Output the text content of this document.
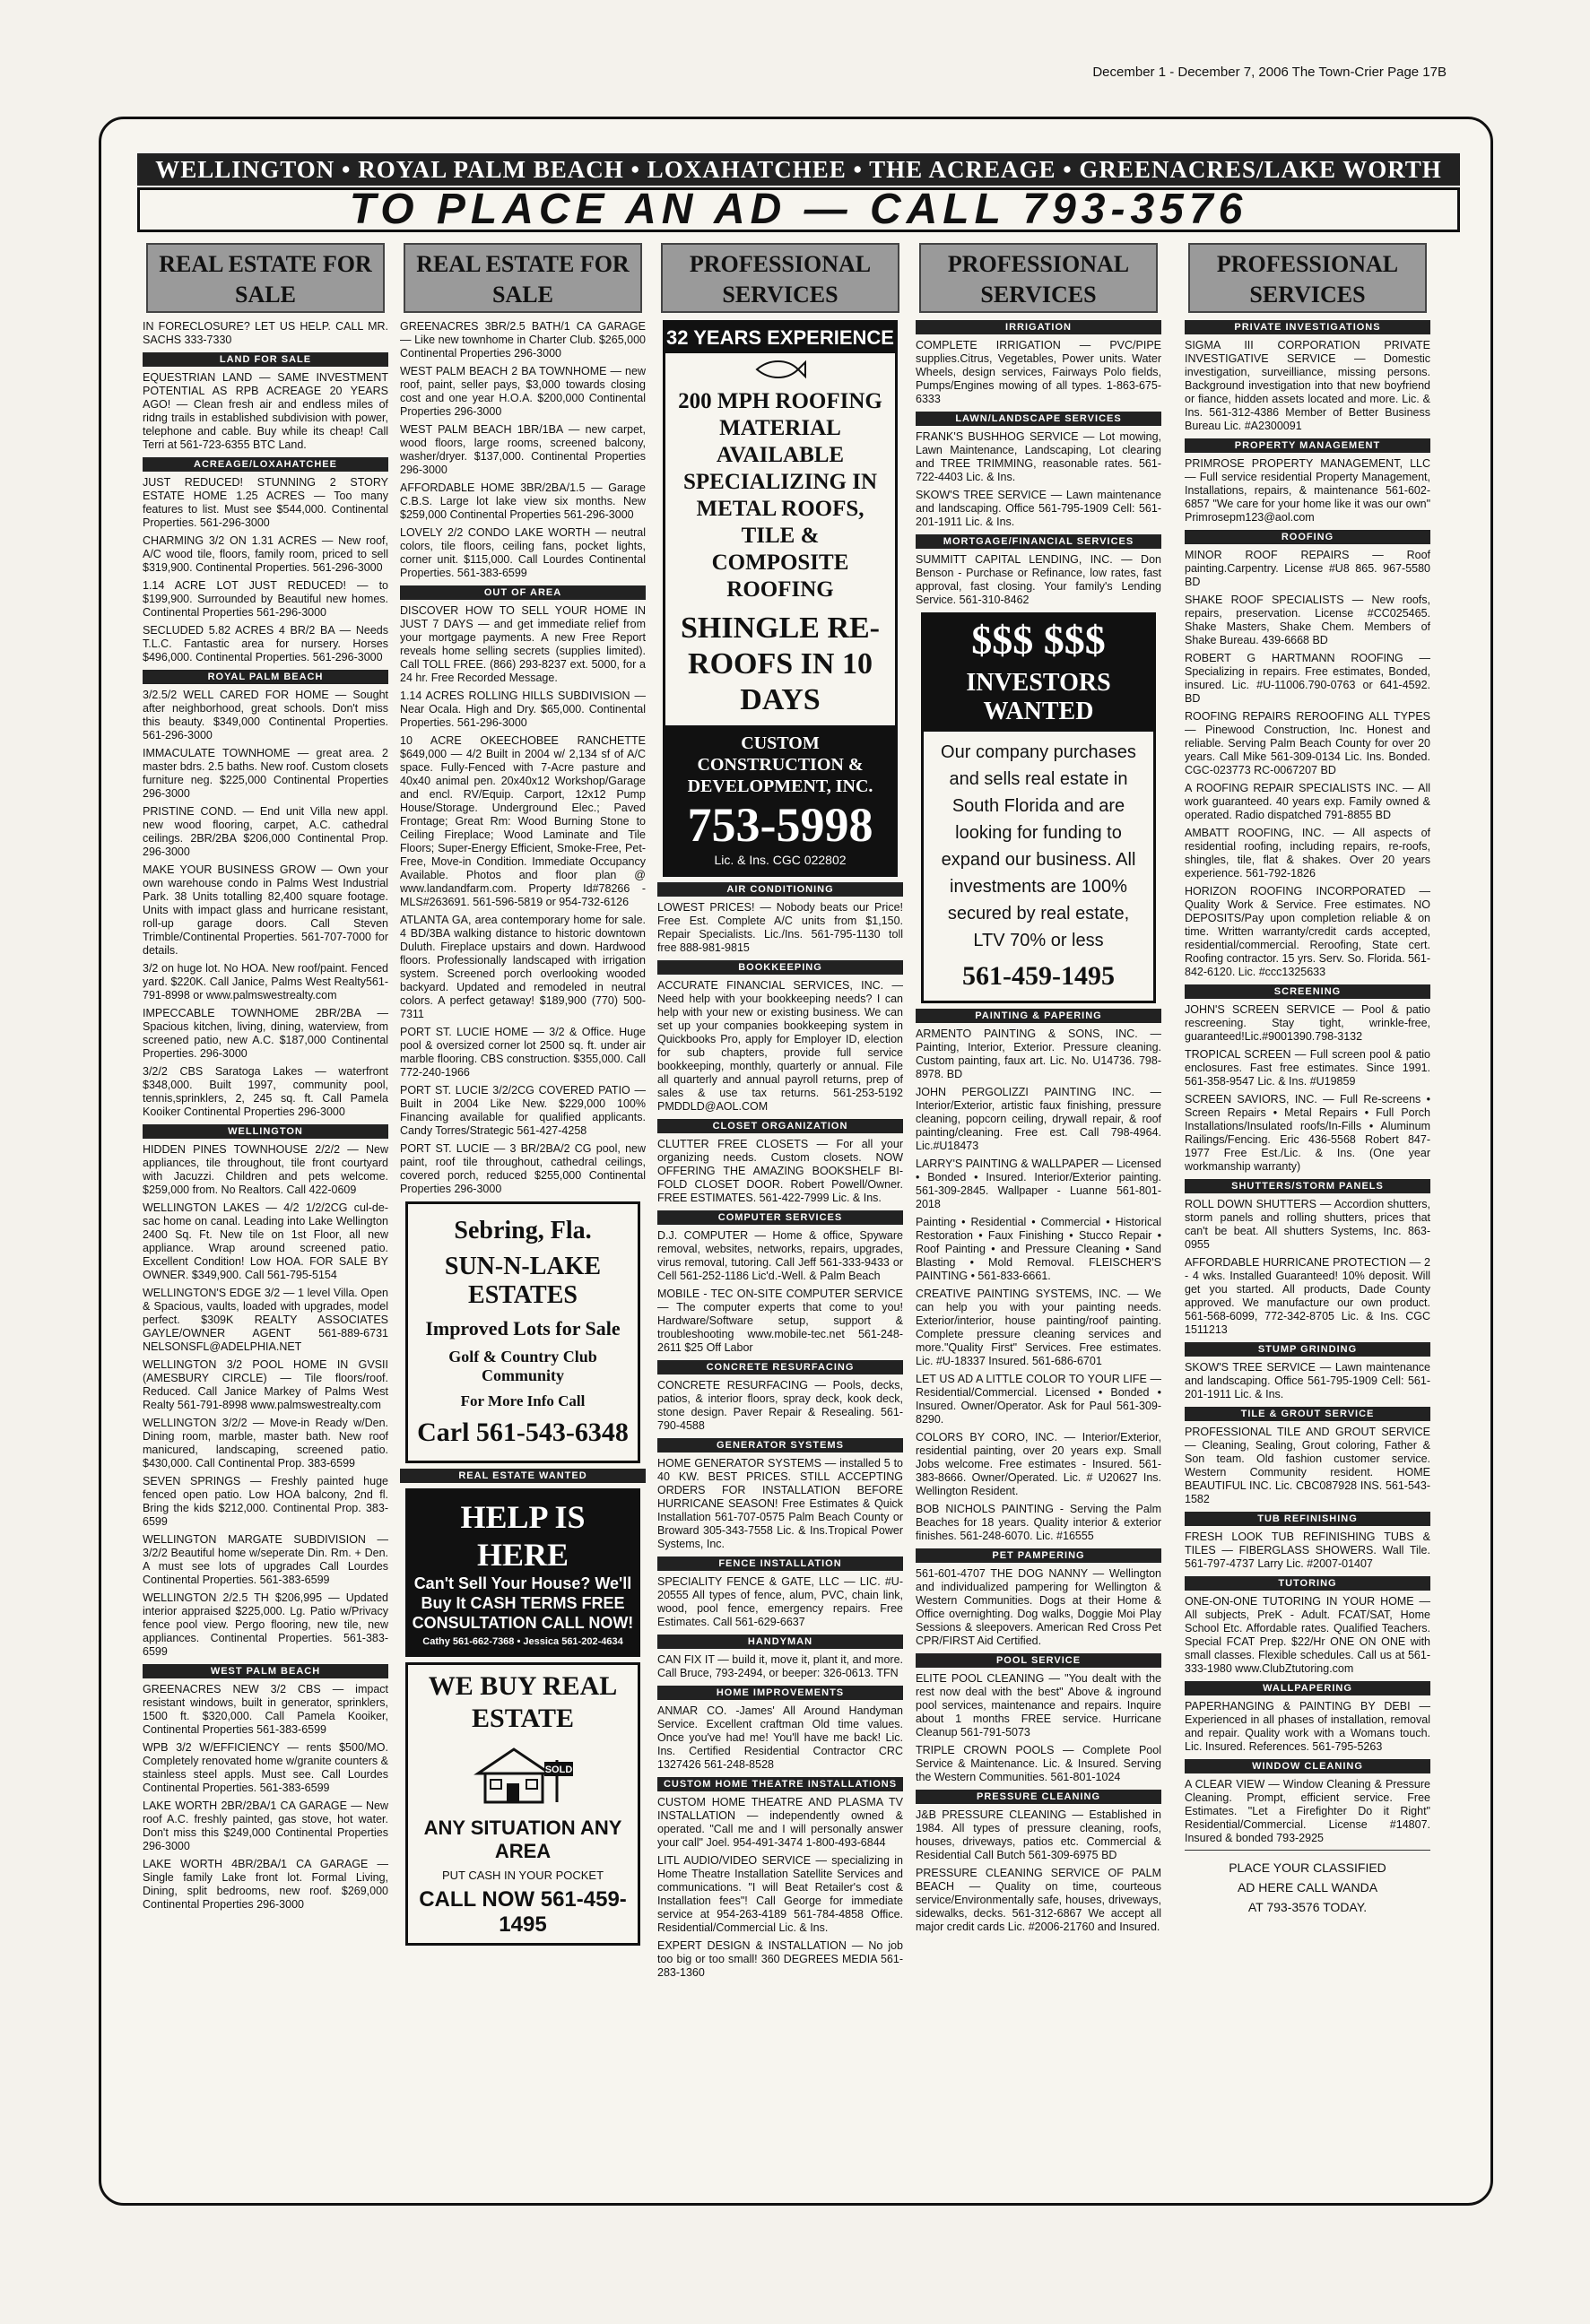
December 1 - December 7, 2006 The Town-Crier Page 17B
WELLINGTON • ROYAL PALM BEACH • LOXAHATCHEE • THE ACREAGE • GREENACRES/LAKE WORTH
TO PLACE AN AD — CALL 793-3576
REAL ESTATE FOR SALE
IN FORECLOSURE? LET US HELP. CALL MR. SACHS 333-7330
LAND FOR SALE
EQUESTRIAN LAND — SAME INVESTMENT POTENTIAL AS RPB ACREAGE 20 YEARS AGO! — Clean fresh air and endless miles of ridng trails in established subdivision with power, telephone and cable. Buy while its cheap! Call Terri at 561-723-6355 BTC Land.
ACREAGE/LOXAHATCHEE
JUST REDUCED! STUNNING 2 STORY ESTATE HOME 1.25 ACRES — Too many features to list. Must see $544,000. Continental Properties. 561-296-3000
CHARMING 3/2 ON 1.31 ACRES — New roof, A/C wood tile, floors, family room, priced to sell $319,900. Continental Properties. 561-296-3000
1.14 ACRE LOT JUST REDUCED! — to $199,900. Surrounded by Beautiful new homes. Continental Properties 561-296-3000
SECLUDED 5.82 ACRES 4 BR/2 BA — Needs T.L.C. Fantastic area for nursery. Horses $496,000. Continental Properties. 561-296-3000
ROYAL PALM BEACH
3/2.5/2 WELL CARED FOR HOME — Sought after neighborhood, great schools. Don't miss this beauty. $349,000 Continental Properties. 561-296-3000
IMMACULATE TOWNHOME — great area. 2 master bdrs. 2.5 baths. New roof. Custom closets furniture neg. $225,000 Continental Properties 296-3000
PRISTINE COND. — End unit Villa new appl. new wood flooring, carpet, A.C. cathedral ceilings. 2BR/2BA $206,000 Continental Prop. 296-3000
MAKE YOUR BUSINESS GROW — Own your own warehouse condo in Palms West Industrial Park. 38 Units totalling 82,400 square footage. Units with impact glass and hurricane resistant, roll-up garage doors. Call Steven Trimble/Continental Properties. 561-707-7000 for details.
3/2 on huge lot. No HOA. New roof/paint. Fenced yard. $220K. Call Janice, Palms West Realty561-791-8998 or www.palmswestrealty.com
IMPECCABLE TOWNHOME 2BR/2BA — Spacious kitchen, living, dining, waterview, from screened patio, new A.C. $187,000 Continental Properties. 296-3000
3/2/2 CBS Saratoga Lakes — waterfront $348,000. Built 1997, community pool, tennis,sprinklers, 2, 245 sq. ft. Call Pamela Kooiker Continental Properties 296-3000
WELLINGTON
HIDDEN PINES TOWNHOUSE 2/2/2 — New appliances, tile throughout, tile front courtyard with Jacuzzi. Children and pets welcome. $259,000 from. No Realtors. Call 422-0609
WELLINGTON LAKES — 4/2 1/2/2CG cul-de-sac home on canal. Leading into Lake Wellington 2400 Sq. Ft. New tile on 1st Floor, all new appliance. Wrap around screened patio. Excellent Condition! Low HOA. FOR SALE BY OWNER. $349,900. Call 561-795-5154
WELLINGTON'S EDGE 3/2 — 1 level Villa. Open & Spacious, vaults, loaded with upgrades, model perfect. $309K REALTY ASSOCIATES GAYLE/OWNER AGENT 561-889-6731 NELSONSFL@ADELPHIA.NET
WELLINGTON 3/2 POOL HOME IN GVSII (AMESBURY CIRCLE) — Tile floors/roof. Reduced. Call Janice Markey of Palms West Realty 561-791-8998 www.palmswestrealty.com
WELLINGTON 3/2/2 — Move-in Ready w/Den. Dining room, marble, master bath. New roof manicured, landscaping, screened patio. $430,000. Call Continental Prop. 383-6599
SEVEN SPRINGS — Freshly painted huge fenced open patio. Low HOA balcony, 2nd fl. Bring the kids $212,000. Continental Prop. 383-6599
WELLINGTON MARGATE SUBDIVISION — 3/2/2 Beautiful home w/seperate Din. Rm. + Den. A must see lots of upgrades Call Lourdes Continental Properties. 561-383-6599
WELLINGTON 2/2.5 TH $206,995 — Updated interior appraised $225,000. Lg. Patio w/Privacy fence pool view. Pergo flooring, new tile, new appliances. Continental Properties. 561-383-6599
WEST PALM BEACH
GREENACRES NEW 3/2 CBS — impact resistant windows, built in generator, sprinklers, 1500 ft. $320,000. Call Pamela Kooiker, Continental Properties 561-383-6599
WPB 3/2 W/EFFICIENCY — rents $500/MO. Completely renovated home w/granite counters & stainless steel appls. Must see. Call Lourdes Continental Properties. 561-383-6599
LAKE WORTH 2BR/2BA/1 CA GARAGE — New roof A.C. freshly painted, gas stove, hot water. Don't miss this $249,000 Continental Properties 296-3000
LAKE WORTH 4BR/2BA/1 CA GARAGE — Single family Lake front lot. Formal Living, Dining, split bedrooms, new roof. $269,000 Continental Properties 296-3000
REAL ESTATE FOR SALE
GREENACRES 3BR/2.5 BATH/1 CA GARAGE — Like new townhome in Charter Club. $265,000 Continental Properties 296-3000
WEST PALM BEACH 2 BA TOWNHOME — new roof, paint, seller pays, $3,000 towards closing cost and one year H.O.A. $200,000 Continental Properties 296-3000
WEST PALM BEACH 1BR/1BA — new carpet, wood floors, large rooms, screened balcony, washer/dryer. $137,000. Continental Properties 296-3000
AFFORDABLE HOME 3BR/2BA/1.5 — Garage C.B.S. Large lot lake view six months. New $259,000 Continental Properties 561-296-3000
LOVELY 2/2 CONDO LAKE WORTH — neutral colors, tile floors, ceiling fans, pocket lights, corner unit. $115,000. Call Lourdes Continental Properties. 561-383-6599
OUT OF AREA
DISCOVER HOW TO SELL YOUR HOME IN JUST 7 DAYS — and get immediate relief from your mortgage payments. A new Free Report reveals home selling secrets (supplies limited). Call TOLL FREE. (866) 293-8237 ext. 5000, for a 24 hr. Free Recorded Message.
1.14 ACRES ROLLING HILLS SUBDIVISION — Near Ocala. High and Dry. $65,000. Continental Properties. 561-296-3000
10 ACRE OKEECHOBEE RANCHETTE $649,000 — 4/2 Built in 2004 w/ 2,134 sf of A/C space. Fully-Fenced with 7-Acre pasture and 40x40 animal pen. 20x40x12 Workshop/Garage and encl. RV/Equip. Carport, 12x12 Pump House/Storage. Underground Elec.; Paved Frontage; Great Rm: Wood Burning Stone to Ceiling Fireplace; Wood Laminate and Tile Floors; Super-Energy Efficient, Smoke-Free, Pet-Free, Move-in Condition. Immediate Occupancy Available. Photos and floor plan @ www.landandfarm.com. Property Id#78266 - MLS#263691. 561-596-5819 or 954-732-6126
ATLANTA GA, area contemporary home for sale. 4 BD/3BA walking distance to historic downtown Duluth. Fireplace upstairs and down. Hardwood floors. Professionally landscaped with irrigation system. Screened porch overlooking wooded backyard. Updated and remodeled in neutral colors. A perfect getaway! $189,900 (770) 500-7311
PORT ST. LUCIE HOME — 3/2 & Office. Huge pool & oversized corner lot 2500 sq. ft. under air marble flooring. CBS construction. $355,000. Call 772-240-1966
PORT ST. LUCIE 3/2/2CG COVERED PATIO — Built in 2004 Like New. $229,000 100% Financing available for qualified applicants. Candy Torres/Strategic 561-427-4258
PORT ST. LUCIE — 3 BR/2BA/2 CG pool, new paint, roof tile throughout, cathedral ceilings, covered porch, reduced $255,000 Continental Properties 296-3000
Sebring, Fla.
SUN-N-LAKE ESTATES
Improved Lots for Sale
Golf & Country Club Community
For More Info Call
Carl 561-543-6348
REAL ESTATE WANTED
HELP IS HERE
Can't Sell Your House? We'll Buy It CASH TERMS FREE CONSULTATION CALL NOW!
Cathy 561-662-7368 • Jessica 561-202-4634
WE BUY REAL ESTATE
SOLD
ANY SITUATION ANY AREA
PUT CASH IN YOUR POCKET
CALL NOW 561-459-1495
PROFESSIONAL SERVICES
32 YEARS EXPERIENCE
200 MPH ROOFING MATERIAL AVAILABLE SPECIALIZING IN METAL ROOFS, TILE & COMPOSITE ROOFING
SHINGLE RE-ROOFS IN 10 DAYS
CUSTOM CONSTRUCTION & DEVELOPMENT, INC.
753-5998
Lic. & Ins. CGC 022802
AIR CONDITIONING
LOWEST PRICES! — Nobody beats our Price! Free Est. Complete A/C units from $1,150. Repair Specialists. Lic./Ins. 561-795-1130 toll free 888-981-9815
BOOKKEEPING
ACCURATE FINANCIAL SERVICES, INC. — Need help with your bookkeeping needs? I can help with your new or existing business. We can set up your companies bookkeeping system in Quickbooks Pro, apply for Employer ID, election for sub chapters, provide full service bookkeeping, monthly, quarterly or annual. File all quarterly and annual payroll returns, prep of sales & use tax returns. 561-253-5192 PMDDLD@AOL.COM
CLOSET ORGANIZATION
CLUTTER FREE CLOSETS — For all your organizing needs. Custom closets. NOW OFFERING THE AMAZING BOOKSHELF BI-FOLD CLOSET DOOR. Robert Powell/Owner. FREE ESTIMATES. 561-422-7999 Lic. & Ins.
COMPUTER SERVICES
D.J. COMPUTER — Home & office, Spyware removal, websites, networks, repairs, upgrades, virus removal, tutoring. Call Jeff 561-333-9433 or Cell 561-252-1186 Lic'd.-Well. & Palm Beach
MOBILE - TEC ON-SITE COMPUTER SERVICE — The computer experts that come to you! Hardware/Software setup, support & troubleshooting www.mobile-tec.net 561-248-2611 $25 Off Labor
CONCRETE RESURFACING
CONCRETE RESURFACING — Pools, decks, patios, & interior floors, spray deck, kook deck, stone design. Paver Repair & Resealing. 561-790-4588
GENERATOR SYSTEMS
HOME GENERATOR SYSTEMS — installed 5 to 40 KW. BEST PRICES. STILL ACCEPTING ORDERS FOR INSTALLATION BEFORE HURRICANE SEASON! Free Estimates & Quick Installation 561-707-0575 Palm Beach County or Broward 305-343-7558 Lic. & Ins.Tropical Power Systems, Inc.
FENCE INSTALLATION
SPECIALITY FENCE & GATE, LLC — LIC. #U-20555 All types of fence, alum, PVC, chain link, wood, pool fence, emergency repairs. Free Estimates. Call 561-629-6637
HANDYMAN
CAN FIX IT — build it, move it, plant it, and more. Call Bruce, 793-2494, or beeper: 326-0613. TFN
HOME IMPROVEMENTS
ANMAR CO. -James' All Around Handyman Service. Excellent craftman Old time values. Once you've had me! You'll have me back! Lic. Ins. Certified Residential Contractor CRC 1327426 561-248-8528
CUSTOM HOME THEATRE INSTALLATIONS
CUSTOM HOME THEATRE AND PLASMA TV INSTALLATION — independently owned & operated. "Call me and I will personally answer your call" Joel. 954-491-3474 1-800-493-6844
LITL AUDIO/VIDEO SERVICE — specializing in Home Theatre Installation Satellite Services and communications. "I will Beat Retailer's cost & Installation fees"! Call George for immediate service at 954-263-4189 561-784-4858 Office. Residential/Commercial Lic. & Ins.
EXPERT DESIGN & INSTALLATION — No job too big or too small! 360 DEGREES MEDIA 561-283-1360
PROFESSIONAL SERVICES
IRRIGATION
COMPLETE IRRIGATION — PVC/PIPE supplies.Citrus, Vegetables, Power units. Water Wheels, design services, Fairways Polo fields, Pumps/Engines mowing of all types. 1-863-675-6333
LAWN/LANDSCAPE SERVICES
FRANK'S BUSHHOG SERVICE — Lot mowing, Lawn Maintenance, Landscaping, Lot clearing and TREE TRIMMING, reasonable rates. 561-722-4403 Lic. & Ins.
SKOW'S TREE SERVICE — Lawn maintenance and landscaping. Office 561-795-1909 Cell: 561-201-1911 Lic. & Ins.
MORTGAGE/FINANCIAL SERVICES
SUMMITT CAPITAL LENDING, INC. — Don Benson - Purchase or Refinance, low rates, fast approval, fast closing. Your family's Lending Service. 561-310-8462
$$$ $$$
INVESTORS WANTED
Our company purchases and sells real estate in South Florida and are looking for funding to expand our business. All investments are 100% secured by real estate, LTV 70% or less
561-459-1495
PAINTING & PAPERING
ARMENTO PAINTING & SONS, INC. — Painting, Interior, Exterior. Pressure cleaning. Custom painting, faux art. Lic. No. U14736. 798-8978. BD
JOHN PERGOLIZZI PAINTING INC. — Interior/Exterior, artistic faux finishing, pressure cleaning, popcorn ceiling, drywall repair, & roof painting/cleaning. Free est. Call 798-4964. Lic.#U18473
LARRY'S PAINTING & WALLPAPER — Licensed • Bonded • Insured. Interior/Exterior painting. 561-309-2845. Wallpaper - Luanne 561-801-2018
Painting • Residential • Commercial • Historical Restoration • Faux Finishing • Stucco Repair • Roof Painting • and Pressure Cleaning • Sand Blasting • Mold Removal. FLEISCHER'S PAINTING • 561-833-6661.
CREATIVE PAINTING SYSTEMS, INC. — We can help you with your painting needs. Exterior/interior, house painting/roof painting. Complete pressure cleaning services and more."Quality First" Services. Free estimates. Lic. #U-18337 Insured. 561-686-6701
LET US AD A LITTLE COLOR TO YOUR LIFE — Residential/Commercial. Licensed • Bonded • Insured. Owner/Operator. Ask for Paul 561-309-8290.
COLORS BY CORO, INC. — Interior/Exterior, residential painting, over 20 years exp. Small Jobs welcome. Free estimates - Insured. 561-383-8666. Owner/Operated. Lic. # U20627 Ins. Wellington Resident.
BOB NICHOLS PAINTING - Serving the Palm Beaches for 18 years. Quality interior & exterior finishes. 561-248-6070. Lic. #16555
PET PAMPERING
561-601-4707 THE DOG NANNY — Wellington and individualized pampering for Wellington & Western Communities. Dogs at their Home & Office overnighting. Dog walks, Doggie Moi Play Sessions & sleepovers. American Red Cross Pet CPR/FIRST Aid Certified.
POOL SERVICE
ELITE POOL CLEANING — "You dealt with the rest now deal with the best" Above & inground pool services, maintenance and repairs. Inquire about 1 months FREE service. Hurricane Cleanup 561-791-5073
TRIPLE CROWN POOLS — Complete Pool Service & Maintenance. Lic. & Insured. Serving the Western Communities. 561-801-1024
PRESSURE CLEANING
J&B PRESSURE CLEANING — Established in 1984. All types of pressure cleaning, roofs, houses, driveways, patios etc. Commercial & Residential Call Butch 561-309-6975 BD
PRESSURE CLEANING SERVICE OF PALM BEACH — Quality on time, courteous service/Environmentally safe, houses, driveways, sidewalks, decks. 561-312-6867 We accept all major credit cards Lic. #2006-21760 and Insured.
PROFESSIONAL SERVICES
PRIVATE INVESTIGATIONS
SIGMA III CORPORATION PRIVATE INVESTIGATIVE SERVICE — Domestic investigation, surveilliance, missing persons. Background investigation into that new boyfriend or fiance, hidden assets located and more. Lic. & Ins. 561-312-4386 Member of Better Business Bureau Lic. #A2300091
PROPERTY MANAGEMENT
PRIMROSE PROPERTY MANAGEMENT, LLC — Full service residential Property Management, Installations, repairs, & maintenance 561-602-6857 "We care for your home like it was our own" Primrosepm123@aol.com
ROOFING
MINOR ROOF REPAIRS — Roof painting.Carpentry. License #U8 865. 967-5580 BD
SHAKE ROOF SPECIALISTS — New roofs, repairs, preservation. License #CC025465. Shake Masters, Shake Chem. Members of Shake Bureau. 439-6668 BD
ROBERT G HARTMANN ROOFING — Specializing in repairs. Free estimates, Bonded, insured. Lic. #U-11006.790-0763 or 641-4592. BD
ROOFING REPAIRS REROOFING ALL TYPES — Pinewood Construction, Inc. Honest and reliable. Serving Palm Beach County for over 20 years. Call Mike 561-309-0134 Lic. Ins. Bonded. CGC-023773 RC-0067207 BD
A ROOFING REPAIR SPECIALISTS INC. — All work guaranteed. 40 years exp. Family owned & operated. Radio dispatched 791-8855 BD
AMBATT ROOFING, INC. — All aspects of residential roofing, including repairs, re-roofs, shingles, tile, flat & shakes. Over 20 years experience. 561-792-1826
HORIZON ROOFING INCORPORATED — Quality Work & Service. Free estimates. NO DEPOSITS/Pay upon completion reliable & on time. Written warranty/credit cards accepted, residential/commercial. Reroofing, State cert. Roofing contractor. 15 yrs. Serv. So. Florida. 561-842-6120. Lic. #ccc1325633
SCREENING
JOHN'S SCREEN SERVICE — Pool & patio rescreening. Stay tight, wrinkle-free, guaranteed!Lic.#9001390.798-3132
TROPICAL SCREEN — Full screen pool & patio enclosures. Fast free estimates. Since 1991. 561-358-9547 Lic. & Ins. #U19859
SCREEN SAVIORS, INC. — Full Re-screens • Screen Repairs • Metal Repairs • Full Porch Installations/Insulated roofs/In-Fills • Aluminum Railings/Fencing. Eric 436-5568 Robert 847-1977 Free Est./Lic. & Ins. (One year workmanship warranty)
SHUTTERS/STORM PANELS
ROLL DOWN SHUTTERS — Accordion shutters, storm panels and rolling shutters, prices that can't be beat. All shutters Systems, Inc. 863-0955
AFFORDABLE HURRICANE PROTECTION — 2 - 4 wks. Installed Guaranteed! 10% deposit. Will get you started. All products, Dade County approved. We manufacture our own product. 561-568-6099, 772-342-8705 Lic. & Ins. CGC 1511213
STUMP GRINDING
SKOW'S TREE SERVICE — Lawn maintenance and landscaping. Office 561-795-1909 Cell: 561-201-1911 Lic. & Ins.
TILE & GROUT SERVICE
PROFESSIONAL TILE AND GROUT SERVICE — Cleaning, Sealing, Grout coloring, Father & Son team. Old fashion customer service. Western Community resident. HOME BEAUTIFUL INC. Lic. CBC087928 INS. 561-543-1582
TUB REFINISHING
FRESH LOOK TUB REFINISHING TUBS & TILES — FIBERGLASS SHOWERS. Wall Tile. 561-797-4737 Larry Lic. #2007-01407
TUTORING
ONE-ON-ONE TUTORING IN YOUR HOME — All subjects, PreK - Adult. FCAT/SAT, Home School Etc. Affordable rates. Qualified Teachers. Special FCAT Prep. $22/Hr ONE ON ONE with small classes. Flexible schedules. Call us at 561-333-1980 www.ClubZtutoring.com
WALLPAPERING
PAPERHANGING & PAINTING BY DEBI — Experienced in all phases of installation, removal and repair. Quality work with a Womans touch. Lic. Insured. References. 561-795-5263
WINDOW CLEANING
A CLEAR VIEW — Window Cleaning & Pressure Cleaning. Prompt, efficient service. Free Estimates. "Let a Firefighter Do it Right" Residential/Commercial. License #14807. Insured & bonded 793-2925
PLACE YOUR CLASSIFIED
AD HERE CALL WANDA
AT 793-3576 TODAY.
